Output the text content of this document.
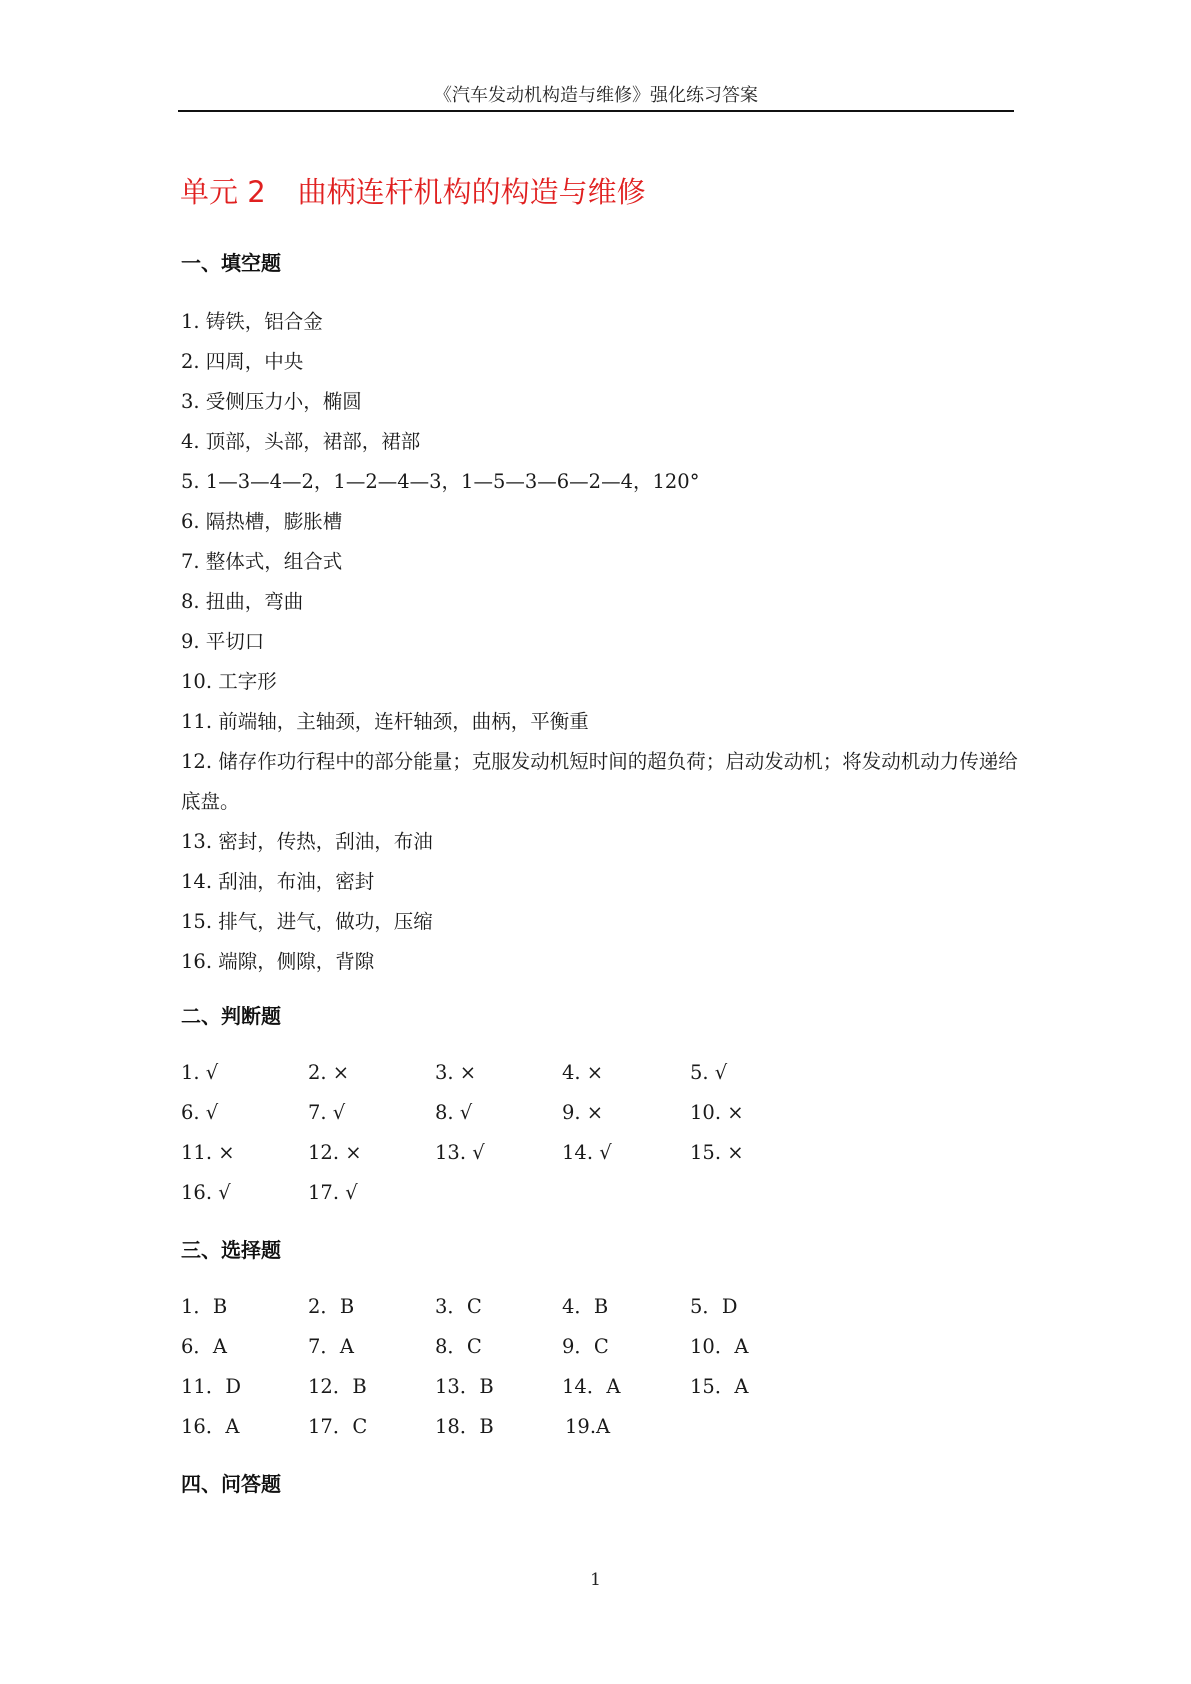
《汽车发动机构造与维修》强化练习答案
单元 2 曲柄连杆机构的构造与维修
一、填空题
1. 铸铁，铝合金
2. 四周，中央
3. 受侧压力小，椭圆
4. 顶部，头部，裙部，裙部
5. 1—3—4—2，1—2—4—3，1—5—3—6—2—4，120°
6. 隔热槽，膨胀槽
7. 整体式，组合式
8. 扭曲，弯曲
9. 平切口
10. 工字形
11. 前端轴，主轴颈，连杆轴颈，曲柄，平衡重
12. 储存作功行程中的部分能量；克服发动机短时间的超负荷；启动发动机；将发动机动力传递给底盘。
13. 密封，传热，刮油，布油
14. 刮油，布油，密封
15. 排气，进气，做功，压缩
16. 端隙，侧隙，背隙
二、判断题
1. √	2. ×	3. ×	4. ×	5. √
6. √	7. √	8. √	9. ×	10. ×
11. ×	12. ×	13. √	14. √	15. ×
16. √	17. √
三、选择题
1．B	2．B	3．C	4．B	5．D
6．A	7．A	8．C	9．C	10．A
11．D	12．B	13．B	14．A	15．A
16．A	17．C	18．B	19.A
四、问答题
1
